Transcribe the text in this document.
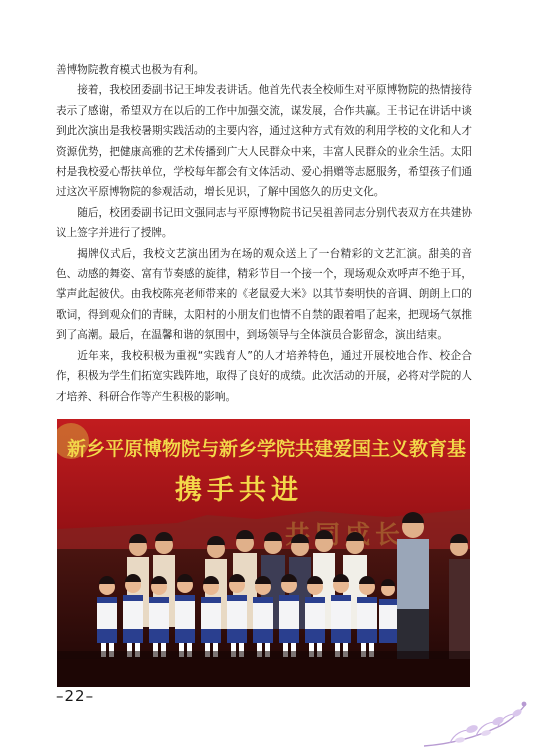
善博物院教育模式也极为有利。

接着，我校团委副书记王坤发表讲话。他首先代表全校师生对平原博物院的热情接待表示了感谢，希望双方在以后的工作中加强交流，谋发展，合作共赢。王书记在讲话中谈到此次演出是我校暑期实践活动的主要内容，通过这种方式有效的利用学校的文化和人才资源优势，把健康高雅的艺术传播到广大人民群众中来，丰富人民群众的业余生活。太阳村是我校爱心帮扶单位，学校每年都会有文体活动、爱心捐赠等志愿服务，希望孩子们通过这次平原博物院的参观活动，增长见识，了解中国悠久的历史文化。

随后，校团委副书记田文强同志与平原博物院书记吴祖善同志分别代表双方在共建协议上签字并进行了授牌。

揭牌仪式后，我校文艺演出团为在场的观众送上了一台精彩的文艺汇演。甜美的音色、动感的舞姿、富有节奏感的旋律，精彩节目一个接一个，现场观众欢呼声不绝于耳，掌声此起彼伏。由我校陈亮老师带来的《老鼠爱大米》以其节奏明快的音调、朗朗上口的歌词，得到观众们的青睐，太阳村的小朋友们也情不自禁的跟着唱了起来，把现场气氛推到了高潮。最后，在温馨和谐的氛围中，到场领导与全体演员合影留念，演出结束。

近年来，我校积极为重视“实践育人”的人才培养特色，通过开展校地合作、校企合作，积极为学生们拓宽实践阵地，取得了良好的成绩。此次活动的开展，必将对学院的人才培养、科研合作等产生积极的影响。

新乡平原博物院与新乡学院共建爱国主义教育基
携手共进
–22–
